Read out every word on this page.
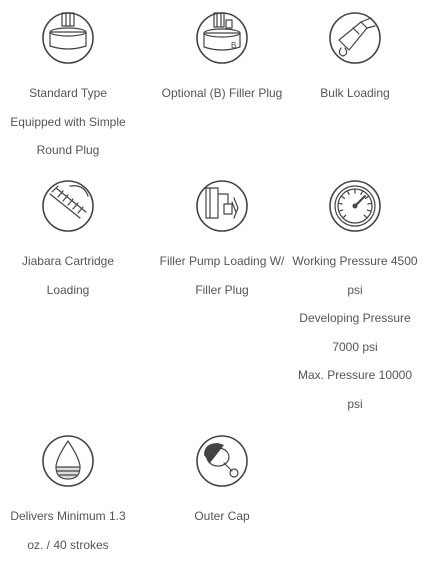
Standard Type
Equipped with Simple
Round Plug
B
Optional (B) Filler Plug	Bulk Loading
Jiabara Cartridge
Loading
Filler Pump Loading W/
Filler Plug
Working Pressure 4500
psi
Developing Pressure
7000 psi
Max. Pressure 10000
psi
Delivers Minimum 1.3
oz. / 40 strokes
Outer Cap
